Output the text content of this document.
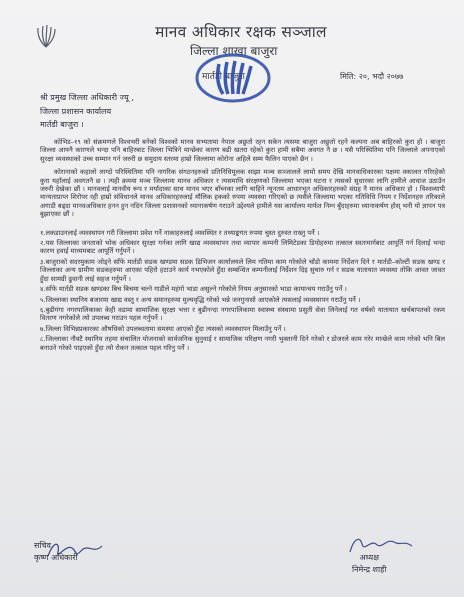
मानव अधिकार रक्षक सञ्जाल
जिल्ला शाखा बाजुरा
मार्तडी बाजुरा	मिति: २०, भदौ २०७७
श्री प्रमुख जिल्ला अधिकारी ज्यू ,
जिल्ला प्रशासन कार्यालय
मार्तडी बाजुरा ।

कोभिड–१९ को संक्रमणले विश्वभरी बनेको विश्वको मानव सभ्यतामा नेपाल अछुतो रहन सकेन त्यसमा बाजुरा अछुतो रहने कल्पना अब बाहिरको कुरा हो । बाजुरा जिल्ला आफ्नै कारणले भन्दा पनि बाहिरबाट जिल्ला भित्रिने मान्छेका कारण बढी खतरा रहेको कुरा हामी सबैमा अवगत नै छ । यसै परिस्थितिमा पनि जिल्लाले अपनाएको सुरक्षा व्यवस्थाको उच्च सम्मान गर्न जरुरी छ समुदाय स्तरमा हाम्रो जिल्लामा कोरोना अहिले सम्म फैलिन पाएको छैन ।

कोरानाको कहालो लाग्दो परिस्थितिमा पनि नागरिक संगठनहरुको प्रतिनिधिमूलक साझा मञ्च सञ्जालले लामो समय देखि मानवाधिकारका पक्षमा वकालत गरिरहेको कुरा यहाँलाई अवगतनै छ । त्यही क्रममा मञ्च जिल्लामा मानव अधिकार र त्यसमाथि संरक्षणको जिल्लामा भएका घटना र त्यसको सुधारका लागि हामीले आवाज उठाउँन जरुरी देखेका छौं । मानवलाई मानवीय रूप र मर्यादाका साथ मानव भएर बाँच्नका लागि चाहिने न्यूनतम आधारभूत अधिकारहरुको संग्रह नै मानव अधिकार हो । विश्वव्यापी मान्यताप्राप्त शिरोपर रही हाम्रो संविधानले मानव अधिकारहरुलाई मौलिक हकको रुपमा व्यवस्था गरिएको छ त्यसैले जिल्लामा भएका गतिविधि नियम र निर्देशनहरु तरिकाले अगाडी बढ्दा मानवअधिकार हनन हुन नदिन जिल्ला प्रशासनको ध्यानाकर्षण गराउने उद्देश्यले हामीले यस कार्यालय मार्फत निम्न बुँदाहरुमा ध्यानाकर्षण होस् भनी यो ज्ञापन पत्र बुझाएका छौं ।

१.लकडाउनलाई व्यवस्थापन गरी जिल्लामा प्रवेश गर्ने नाकाहरुलाई व्यवस्थित र तथ्याङ्कगत रुपमा चुस्त दुरुस्त राख्नु पर्ने ।
२.यस जिल्लाका जनताको भोक अधिकार सुरक्षा गर्नका लागि खाद्य व्यवस्थापन तथा व्यापार कम्पनी लिमिटेडका डिपोहरुमा तत्काल स्वतःमार्गबाट आपूर्ति गर्न दिलाई भन्दा कारण हवाई माध्यमबाट आपूर्ति गर्नुपर्ने ।
३.बाजुराको सदरमुकाम जोड्ने साँफे मार्तडी सडक खण्डमा सडक डिभिजन कार्यालयले लिम गतिमा काम गरेकोले चाँडो काममा निर्देशन दिने र मार्तडी–कोल्टी सडक खण्ड र जिल्लाका अन्य ग्रामीण सडकहरुमा आएका पहिरो हटाउने कार्य नभएकोले हुँदा सम्बन्धित कम्पनीलाई निर्देशन दिइ सुचारु गर्न र सडक यातायात व्यवस्था तोकि आवत जावत हुँदा सामग्री ढुवानी लाई सहज गर्नुपर्ने ।
४.साँफे मार्तडी सडक खण्डका बिच बिचमा चल्ने गाडीले महंगो भाडा असुल्ने गरेकोले नियम अनुसारको भाडा कायान्वय गराउँनु पर्ने ।
५.जिल्लाका स्थानिय बजारमा खाद्य वस्तु र अन्य समानहरुमा मुल्यवृद्धि गरेको भन्ने जनगुनासो आएकोले त्यसलाई व्यवस्थापन गराउँनु पर्ने ।
६.बुढीगंगा नगरपालिकाका केही वडामा सामाजिक सुरक्षा भत्ता र बुढीनन्दा नगरपालिकामा स्वास्थ्य संस्थामा प्रसुती सेवा लिनेलाई गत वर्षको यातायात खर्चबापतको रकम वितरण नगरेकोले त्यो उपलब्ध गराउन पहल गर्नुपर्ने ।
७.जिल्ला विभिन्नप्रकारका औषधिको उपलब्धतामा समस्या आएको हुँदा त्यसको व्यवस्थापन मिलाउँनु पर्ने ।
८.जिल्लाका नौवटै स्थानिय तहमा संचालित योजनाको सार्वजनिक सुनुवाई र सामाजिक परिक्षण नगरी भुक्तानी दिने गरेको र डोजरले काम गरेर मान्छेले काम गरेको भनि बिल बनाउने गरेको पाइएको हुँदा त्यो रोकन तत्काल पहल गरिनु पर्ने ।
सचिव
कृष्ण अधिकारी	अध्यक्ष
निमेन्द्र शाही
